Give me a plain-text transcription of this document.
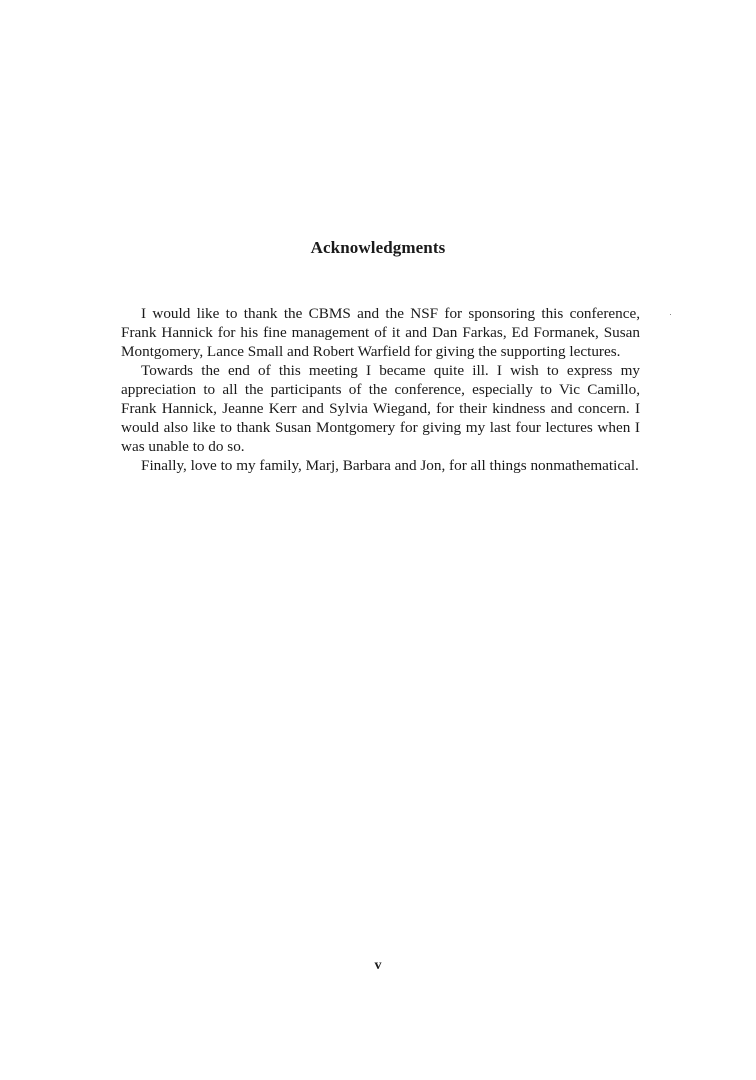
Acknowledgments

I would like to thank the CBMS and the NSF for sponsoring this conference, Frank Hannick for his fine management of it and Dan Farkas, Ed Formanek, Susan Montgomery, Lance Small and Robert Warfield for giving the supporting lectures.

Towards the end of this meeting I became quite ill. I wish to express my appreciation to all the participants of the conference, especially to Vic Camillo, Frank Hannick, Jeanne Kerr and Sylvia Wiegand, for their kindness and concern. I would also like to thank Susan Montgomery for giving my last four lectures when I was unable to do so.

Finally, love to my family, Marj, Barbara and Jon, for all things nonmathematical.

v
